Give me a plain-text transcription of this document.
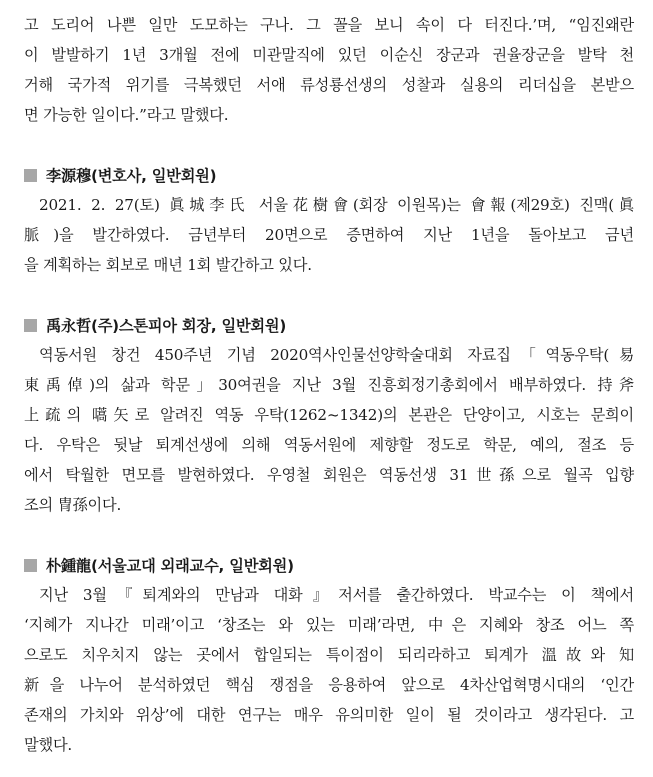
고 도리어 나쁜 일만 도모하는 구나. 그 꼴을 보니 속이 다 터진다.’며, “임진왜란
이 발발하기 1년 3개월 전에 미관말직에 있던 이순신 장군과 권율장군을 발탁 천
거해 국가적 위기를 극복했던 서애 류성룡선생의 성찰과 실용의 리더십을 본받으
면 가능한 일이다.”라고 말했다.

李源穆(변호사, 일반회원)

2021. 2. 27(토) 眞城李氏 서울花樹會(회장 이원목)는 會報(제29호) 진맥(眞
脈)을 발간하였다. 금년부터 20면으로 증면하여 지난 1년을 돌아보고 금년
을 계획하는 회보로 매년 1회 발간하고 있다.

禹永哲(주)스톤피아 회장, 일반회원)

역동서원 창건 450주년 기념 2020역사인물선양학술대회 자료집「역동우탁(易
東禹倬)의 삶과 학문」30여권을 지난 3월 진흥회정기총회에서 배부하였다. 持斧
上疏의 嚆矢로 알려진 역동 우탁(1262~1342)의 본관은 단양이고, 시호는 문희이
다. 우탁은 뒷날 퇴계선생에 의해 역동서원에 제향할 정도로 학문, 예의, 절조 등
에서 탁월한 면모를 발현하였다. 우영철 회원은 역동선생 31世孫으로 월곡 입향
조의 冑孫이다.

朴鍾龍(서울교대 외래교수, 일반회원)

지난 3월『퇴계와의 만남과 대화』저서를 출간하였다. 박교수는 이 책에서
‘지혜가 지나간 미래’이고 ‘창조는 와 있는 미래’라면, 中은 지혜와 창조 어느 쪽
으로도 치우치지 않는 곳에서 합일되는 특이점이 되리라하고 퇴계가 溫故와 知
新을 나누어 분석하였던 핵심 쟁점을 응용하여 앞으로 4차산업혁명시대의 ‘인간
존재의 가치와 위상’에 대한 연구는 매우 유의미한 일이 될 것이라고 생각된다. 고
말했다.
